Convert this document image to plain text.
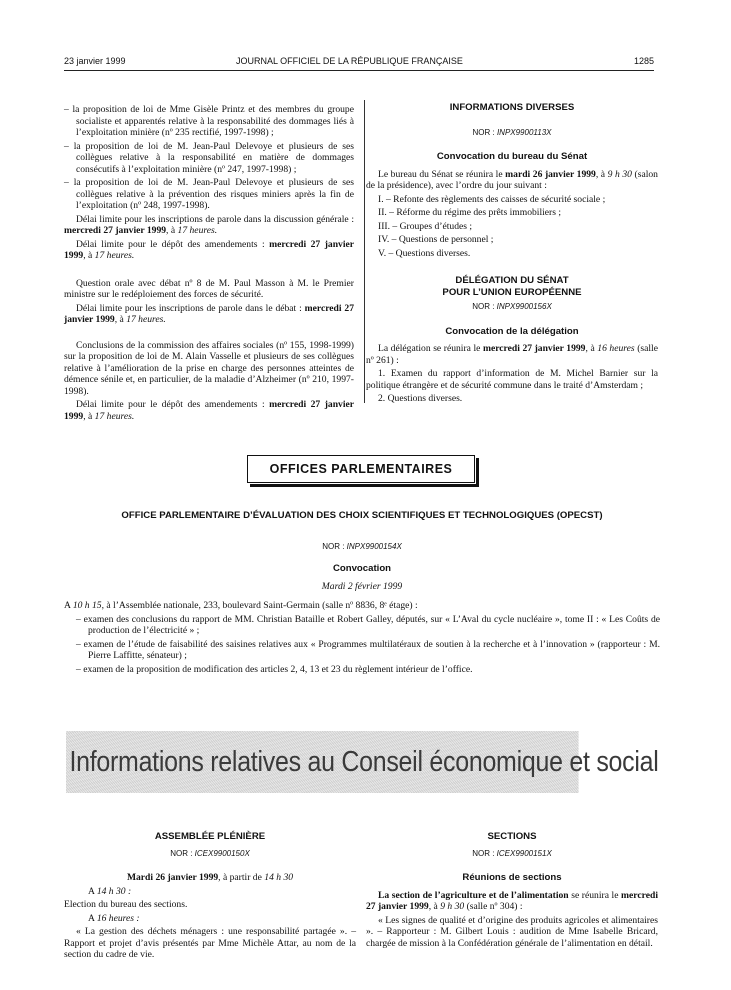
23 janvier 1999	JOURNAL OFFICIEL DE LA RÉPUBLIQUE FRANÇAISE	1285

– la proposition de loi de Mme Gisèle Printz et des membres du groupe socialiste et apparentés relative à la responsabilité des dommages liés à l’exploitation minière (nº 235 rectifié, 1997-1998) ;

– la proposition de loi de M. Jean-Paul Delevoye et plusieurs de ses collègues relative à la responsabilité en matière de dommages consécutifs à l’exploitation minière (nº 247, 1997-1998) ;

– la proposition de loi de M. Jean-Paul Delevoye et plusieurs de ses collègues relative à la prévention des risques miniers après la fin de l’exploitation (nº 248, 1997-1998).

Délai limite pour les inscriptions de parole dans la discussion générale : mercredi 27 janvier 1999, à 17 heures.

Délai limite pour le dépôt des amendements : mercredi 27 janvier 1999, à 17 heures.

Question orale avec débat nº 8 de M. Paul Masson à M. le Premier ministre sur le redéploiement des forces de sécurité.

Délai limite pour les inscriptions de parole dans le débat : mercredi 27 janvier 1999, à 17 heures.

Conclusions de la commission des affaires sociales (nº 155, 1998-1999) sur la proposition de loi de M. Alain Vasselle et plusieurs de ses collègues relative à l’amélioration de la prise en charge des personnes atteintes de démence sénile et, en particulier, de la maladie d’Alzheimer (nº 210, 1997-1998).

Délai limite pour le dépôt des amendements : mercredi 27 janvier 1999, à 17 heures.

INFORMATIONS DIVERSES
NOR : INPX9900113X
Convocation du bureau du Sénat

Le bureau du Sénat se réunira le mardi 26 janvier 1999, à 9 h 30 (salon de la présidence), avec l’ordre du jour suivant :

I. – Refonte des règlements des caisses de sécurité sociale ;

II. – Réforme du régime des prêts immobiliers ;

III. – Groupes d’études ;

IV. – Questions de personnel ;

V. – Questions diverses.

DÉLÉGATION DU SÉNAT
POUR L’UNION EUROPÉENNE
NOR : INPX9900156X
Convocation de la délégation

La délégation se réunira le mercredi 27 janvier 1999, à 16 heures (salle nº 261) :

1. Examen du rapport d’information de M. Michel Barnier sur la politique étrangère et de sécurité commune dans le traité d’Amsterdam ;

2. Questions diverses.

OFFICES PARLEMENTAIRES
OFFICE PARLEMENTAIRE D’ÉVALUATION DES CHOIX SCIENTIFIQUES ET TECHNOLOGIQUES (OPECST)
NOR : INPX9900154X
Convocation
Mardi 2 février 1999

A 10 h 15, à l’Assemblée nationale, 233, boulevard Saint-Germain (salle nº 8836, 8ᵉ étage) :

– examen des conclusions du rapport de MM. Christian Bataille et Robert Galley, députés, sur « L’Aval du cycle nucléaire », tome II : « Les Coûts de production de l’électricité » ;

– examen de l’étude de faisabilité des saisines relatives aux « Programmes multilatéraux de soutien à la recherche et à l’innovation » (rapporteur : M. Pierre Laffitte, sénateur) ;

– examen de la proposition de modification des articles 2, 4, 13 et 23 du règlement intérieur de l’office.

Informations relatives au Conseil économique et social
ASSEMBLÉE PLÉNIÈRE
NOR : ICEX9900150X

Mardi 26 janvier 1999, à partir de 14 h 30

A 14 h 30 :

Election du bureau des sections.

A 16 heures :

« La gestion des déchets ménagers : une responsabilité partagée ». – Rapport et projet d’avis présentés par Mme Michèle Attar, au nom de la section du cadre de vie.

SECTIONS
NOR : ICEX9900151X
Réunions de sections

La section de l’agriculture et de l’alimentation se réunira le mercredi 27 janvier 1999, à 9 h 30 (salle nº 304) :

« Les signes de qualité et d’origine des produits agricoles et alimentaires ». – Rapporteur : M. Gilbert Louis : audition de Mme Isabelle Bricard, chargée de mission à la Confédération générale de l’alimentation en détail.
